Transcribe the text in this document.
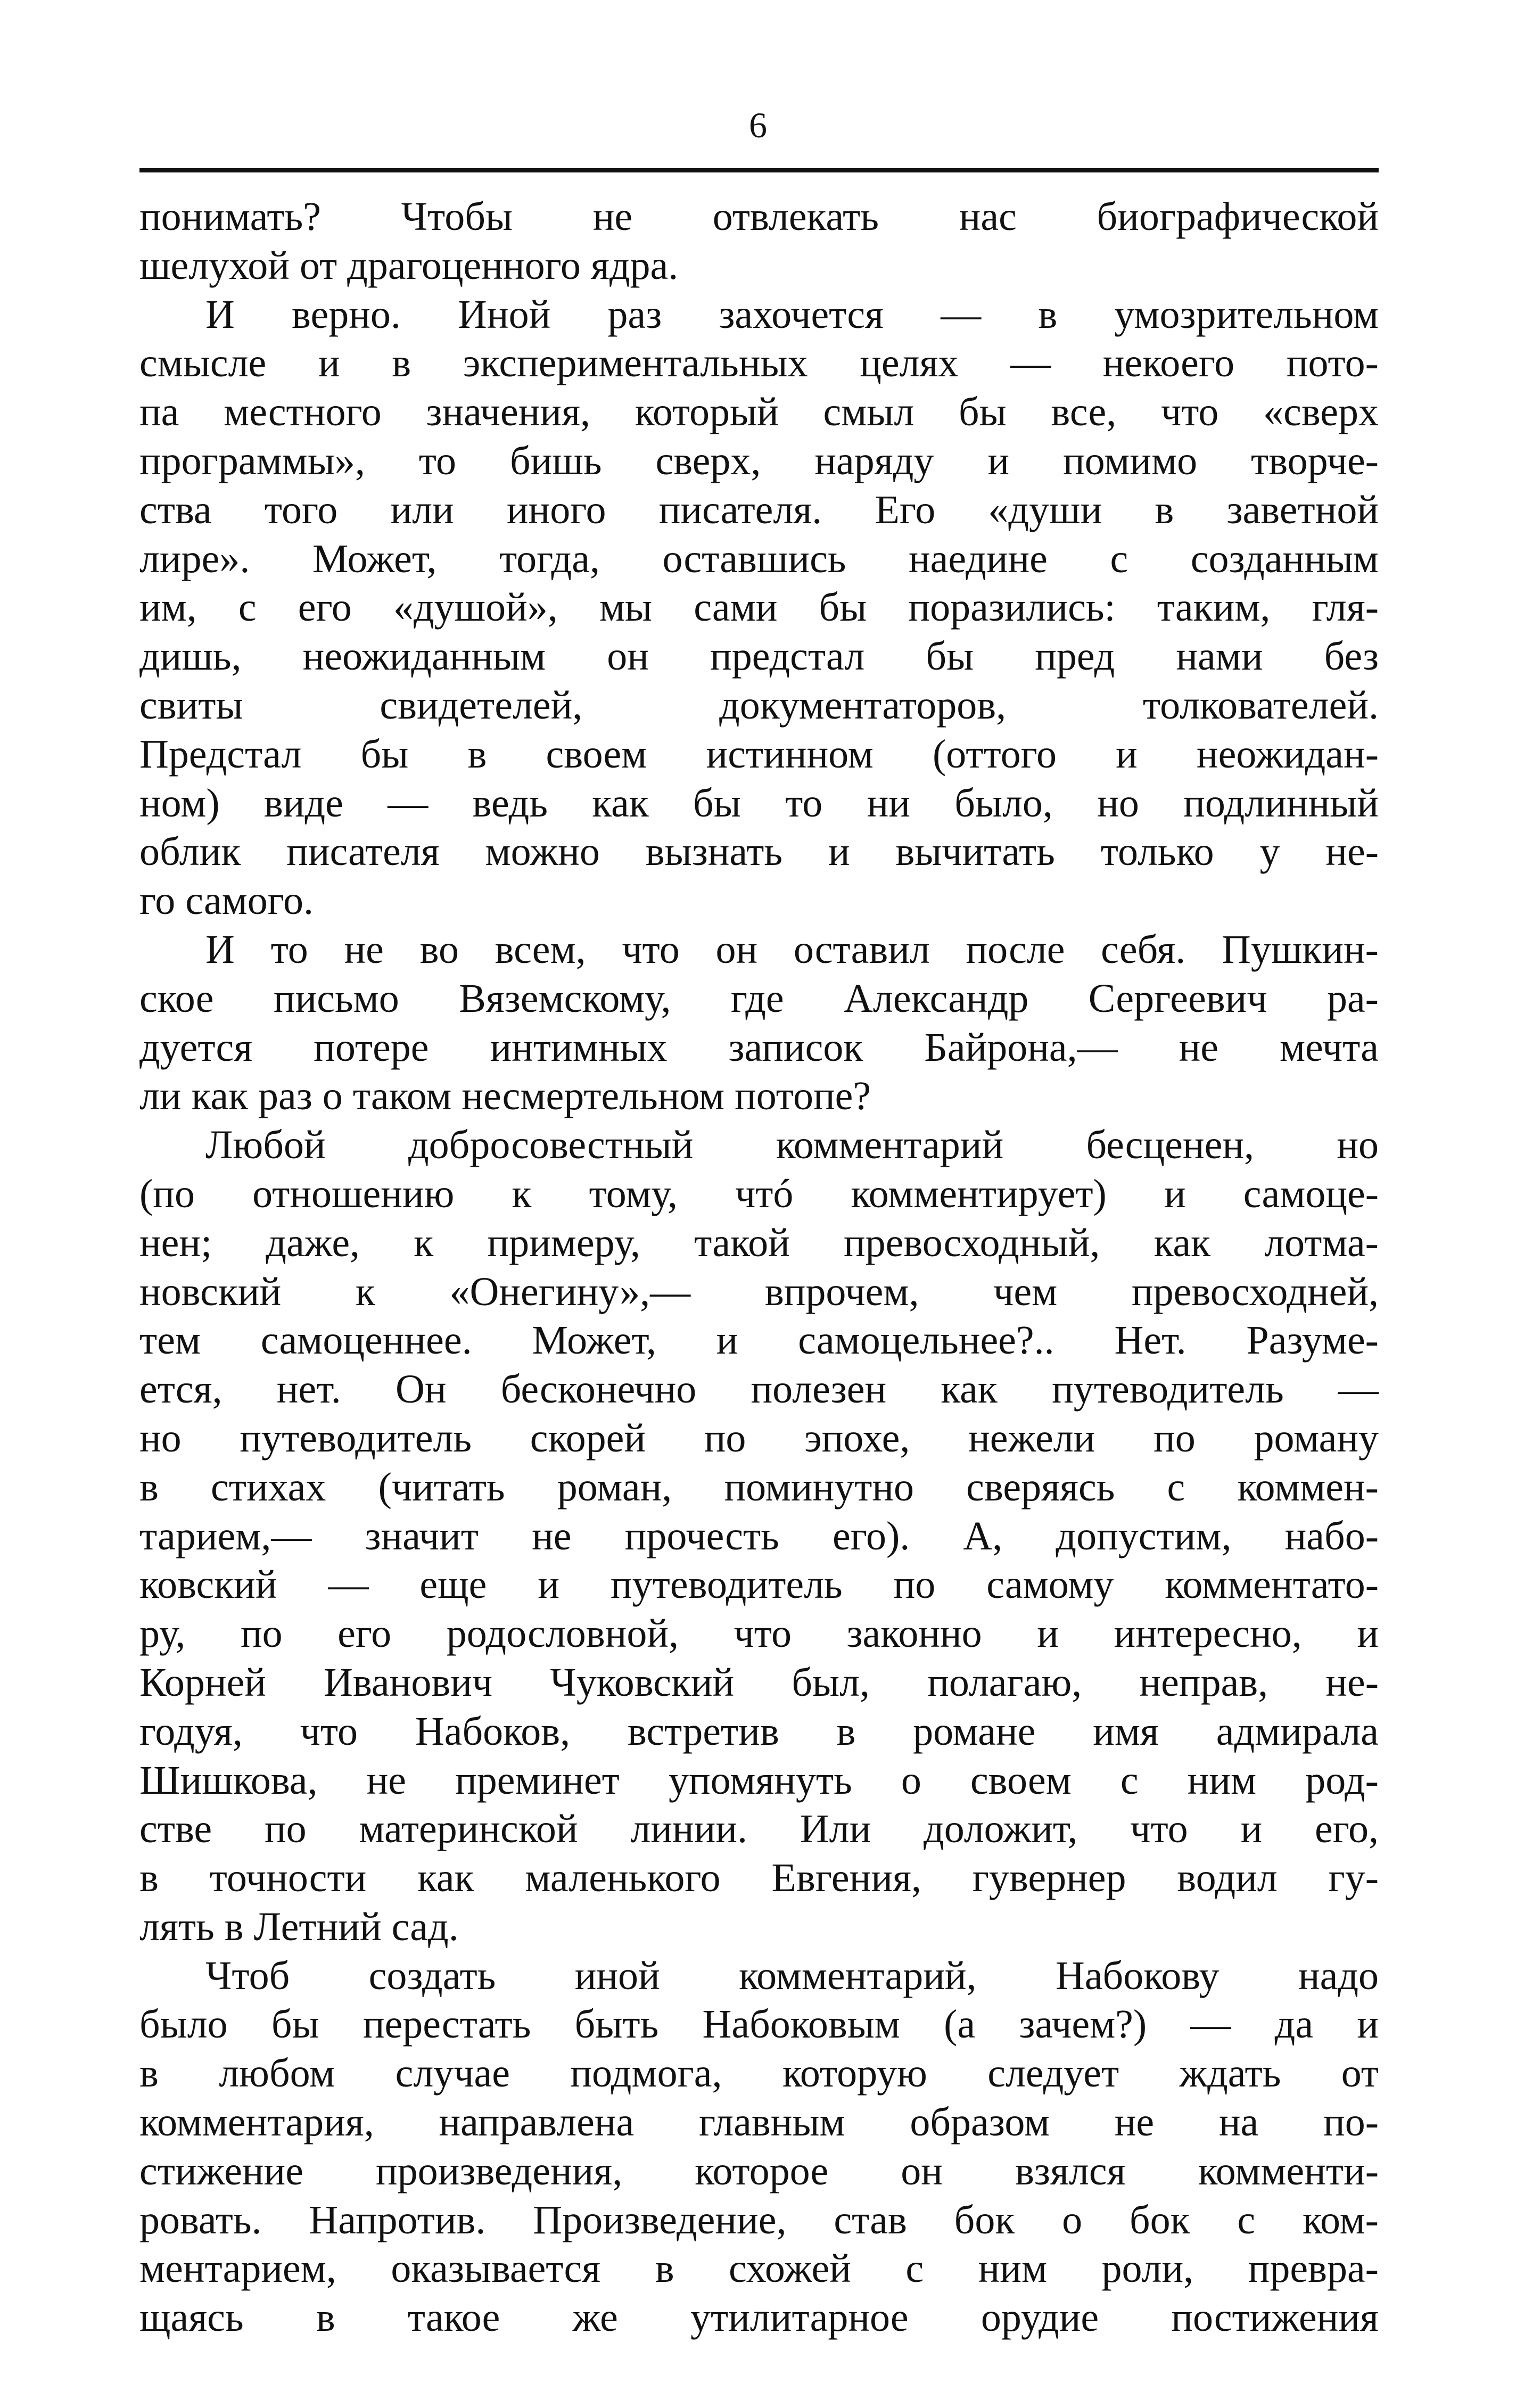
6

понимать? Чтобы не отвлекать нас биографической
шелухой от драгоценного ядра.

И верно. Иной раз захочется — в умозрительном
смысле и в экспериментальных целях — некоего пото-
па местного значения, который смыл бы все, что «сверх
программы», то бишь сверх, наряду и помимо творче-
ства того или иного писателя. Его «души в заветной
лире». Может, тогда, оставшись наедине с созданным
им, с его «душой», мы сами бы поразились: таким, гля-
дишь, неожиданным он предстал бы пред нами без
свиты свидетелей, документаторов, толкователей.
Предстал бы в своем истинном (оттого и неожидан-
ном) виде — ведь как бы то ни было, но подлинный
облик писателя можно вызнать и вычитать только у не-
го самого.

И то не во всем, что он оставил после себя. Пушкин-
ское письмо Вяземскому, где Александр Сергеевич ра-
дуется потере интимных записок Байрона,— не мечта
ли как раз о таком несмертельном потопе?

Любой добросовестный комментарий бесценен, но
(по отношению к тому, чтó комментирует) и самоце-
нен; даже, к примеру, такой превосходный, как лотма-
новский к «Онегину»,— впрочем, чем превосходней,
тем самоценнее. Может, и самоцельнее?.. Нет. Разуме-
ется, нет. Он бесконечно полезен как путеводитель —
но путеводитель скорей по эпохе, нежели по роману
в стихах (читать роман, поминутно сверяясь с коммен-
тарием,— значит не прочесть его). А, допустим, набо-
ковский — еще и путеводитель по самому комментато-
ру, по его родословной, что законно и интересно, и
Корней Иванович Чуковский был, полагаю, неправ, не-
годуя, что Набоков, встретив в романе имя адмирала
Шишкова, не преминет упомянуть о своем с ним род-
стве по материнской линии. Или доложит, что и его,
в точности как маленького Евгения, гувернер водил гу-
лять в Летний сад.

Чтоб создать иной комментарий, Набокову надо
было бы перестать быть Набоковым (а зачем?) — да и
в любом случае подмога, которую следует ждать от
комментария, направлена главным образом не на по-
стижение произведения, которое он взялся комменти-
ровать. Напротив. Произведение, став бок о бок с ком-
ментарием, оказывается в схожей с ним роли, превра-
щаясь в такое же утилитарное орудие постижения
